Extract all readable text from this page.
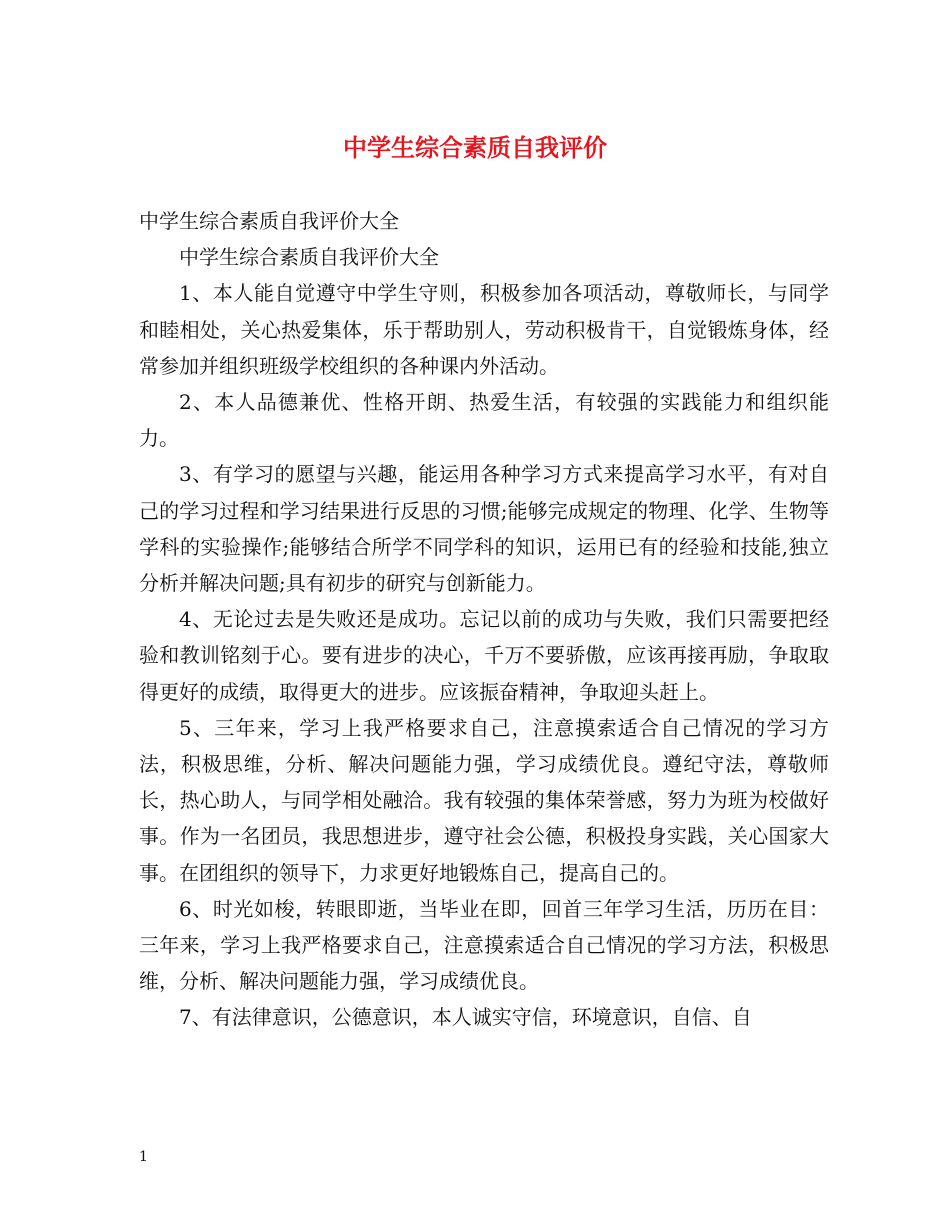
中学生综合素质自我评价

中学生综合素质自我评价大全

中学生综合素质自我评价大全

1、本人能自觉遵守中学生守则，积极参加各项活动，尊敬师长，与同学和睦相处，关心热爱集体，乐于帮助别人，劳动积极肯干，自觉锻炼身体，经常参加并组织班级学校组织的各种课内外活动。

2、本人品德兼优、性格开朗、热爱生活，有较强的实践能力和组织能力。

3、有学习的愿望与兴趣，能运用各种学习方式来提高学习水平，有对自己的学习过程和学习结果进行反思的习惯;能够完成规定的物理、化学、生物等学科的实验操作;能够结合所学不同学科的知识，运用已有的经验和技能,独立分析并解决问题;具有初步的研究与创新能力。

4、无论过去是失败还是成功。忘记以前的成功与失败，我们只需要把经验和教训铭刻于心。要有进步的决心，千万不要骄傲，应该再接再励，争取取得更好的成绩，取得更大的进步。应该振奋精神，争取迎头赶上。

5、三年来，学习上我严格要求自己，注意摸索适合自己情况的学习方法，积极思维，分析、解决问题能力强，学习成绩优良。遵纪守法，尊敬师长，热心助人，与同学相处融洽。我有较强的集体荣誉感，努力为班为校做好事。作为一名团员，我思想进步，遵守社会公德，积极投身实践，关心国家大事。在团组织的领导下，力求更好地锻炼自己，提高自己的。

6、时光如梭，转眼即逝，当毕业在即，回首三年学习生活，历历在目：三年来，学习上我严格要求自己，注意摸索适合自己情况的学习方法，积极思维，分析、解决问题能力强，学习成绩优良。

7、有法律意识，公德意识，本人诚实守信，环境意识，自信、自

1
